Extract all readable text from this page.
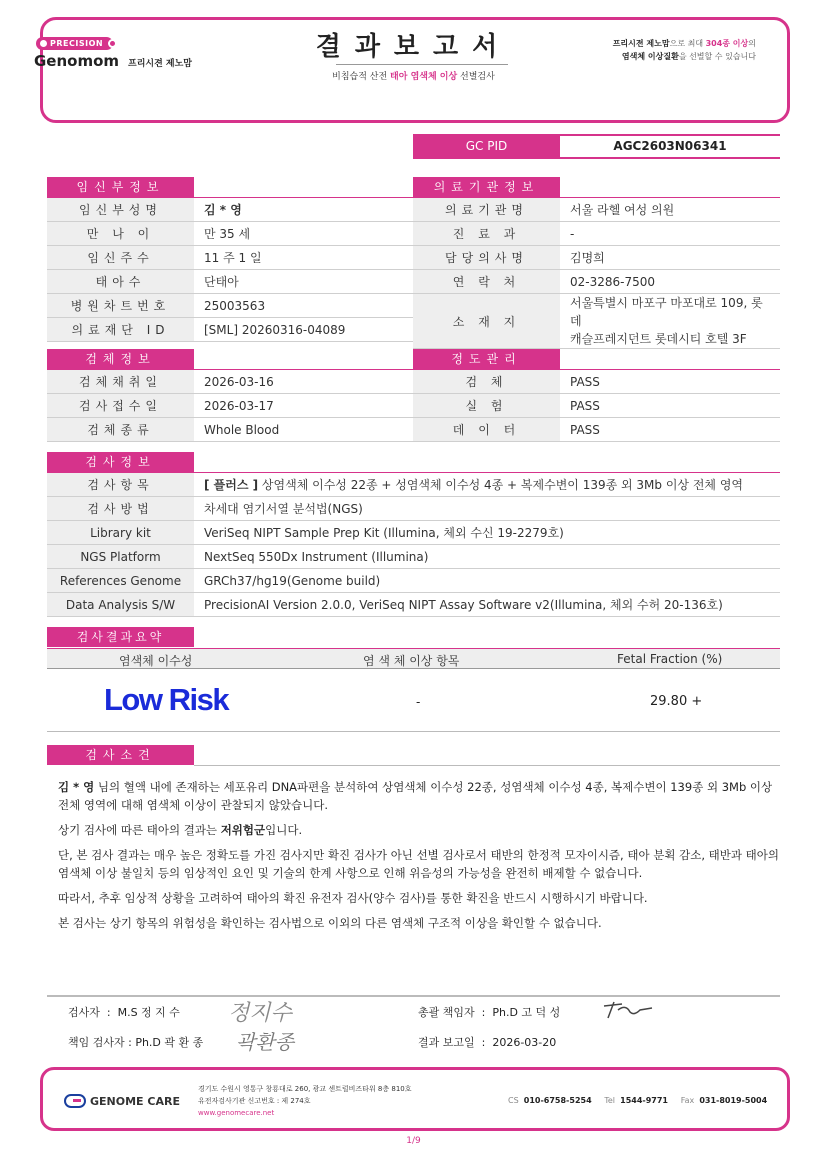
PRECISION
Genomom 프리시젼 제노맘
결과보고서
비침습적 산전 태아 염색체 이상 선별검사
프리시젼 제노맘으로 최대 304종 이상의
염색체 이상질환을 선별할 수 있습니다
GC PID	AGC2603N06341
임신부정보
임신부성명	김 * 영
만 나 이	만 35 세
임신주수	11 주 1 일
태아수	단태아
병원차트번호	25003563
의료재단 ID	[SML] 20260316-04089
의료기관정보
의료기관명	서울 라헬 여성 의원
진 료 과	-
담당의사명	김명희
연 락 처	02-3286-7500
소 재 지	서울특별시 마포구 마포대로 109, 롯데
캐슬프레지던트 롯데시티 호텔 3F
검체정보
검체채취일	2026-03-16
검사접수일	2026-03-17
검체종류	Whole Blood
정도관리
검 체	PASS
실 험	PASS
데 이 터	PASS
검사정보
검사항목	[ 플러스 ] 상염색체 이수성 22종 + 성염색체 이수성 4종 + 복제수변이 139종 외 3Mb 이상 전체 영역
검사방법	차세대 염기서열 분석법(NGS)
Library kit	VeriSeq NIPT Sample Prep Kit (Illumina, 체외 수신 19-2279호)
NGS Platform	NextSeq 550Dx Instrument (Illumina)
References Genome	GRCh37/hg19(Genome build)
Data Analysis S/W	PrecisionAI Version 2.0.0, VeriSeq NIPT Assay Software v2(Illumina, 체외 수허 20-136호)
검사결과요약
염색체 이수성	염 색 체 이상 항목	Fetal Fraction (%)
Low Risk	-	29.80 +
검사소견

김 * 영 님의 혈액 내에 존재하는 세포유리 DNA파편을 분석하여 상염색체 이수성 22종, 성염색체 이수성 4종, 복제수변이 139종 외 3Mb 이상 전체 영역에 대해 염색체 이상이 관찰되지 않았습니다.

상기 검사에 따른 태아의 결과는 저위험군입니다.

단, 본 검사 결과는 매우 높은 정확도를 가진 검사지만 확진 검사가 아닌 선별 검사로서 태반의 한정적 모자이시즘, 태아 분획 감소, 태반과 태아의 염색체 이상 불일치 등의 임상적인 요인 및 기술의 한계 사항으로 인해 위음성의 가능성을 완전히 배제할 수 없습니다.

따라서, 추후 임상적 상황을 고려하여 태아의 확진 유전자 검사(양수 검사)를 통한 확진을 반드시 시행하시기 바랍니다.

본 검사는 상기 항목의 위험성을 확인하는 검사법으로 이외의 다른 염색체 구조적 이상을 확인할 수 없습니다.

검사자  :  M.S 정 지 수 정지수
책임 검사자 : Ph.D 곽 환 종 곽환종
총괄 책임자  :  Ph.D 고 덕 성
결과 보고일  :  2026-03-20
GENOME CARE
경기도 수원시 영통구 창룡대로 260, 광교 센트럴비즈타워 8층 810호
유전자검사기관 신고번호 : 제 274호
www.genomecare.net
CS 010-6758-5254 Tel 1544-9771 Fax 031-8019-5004
1/9
